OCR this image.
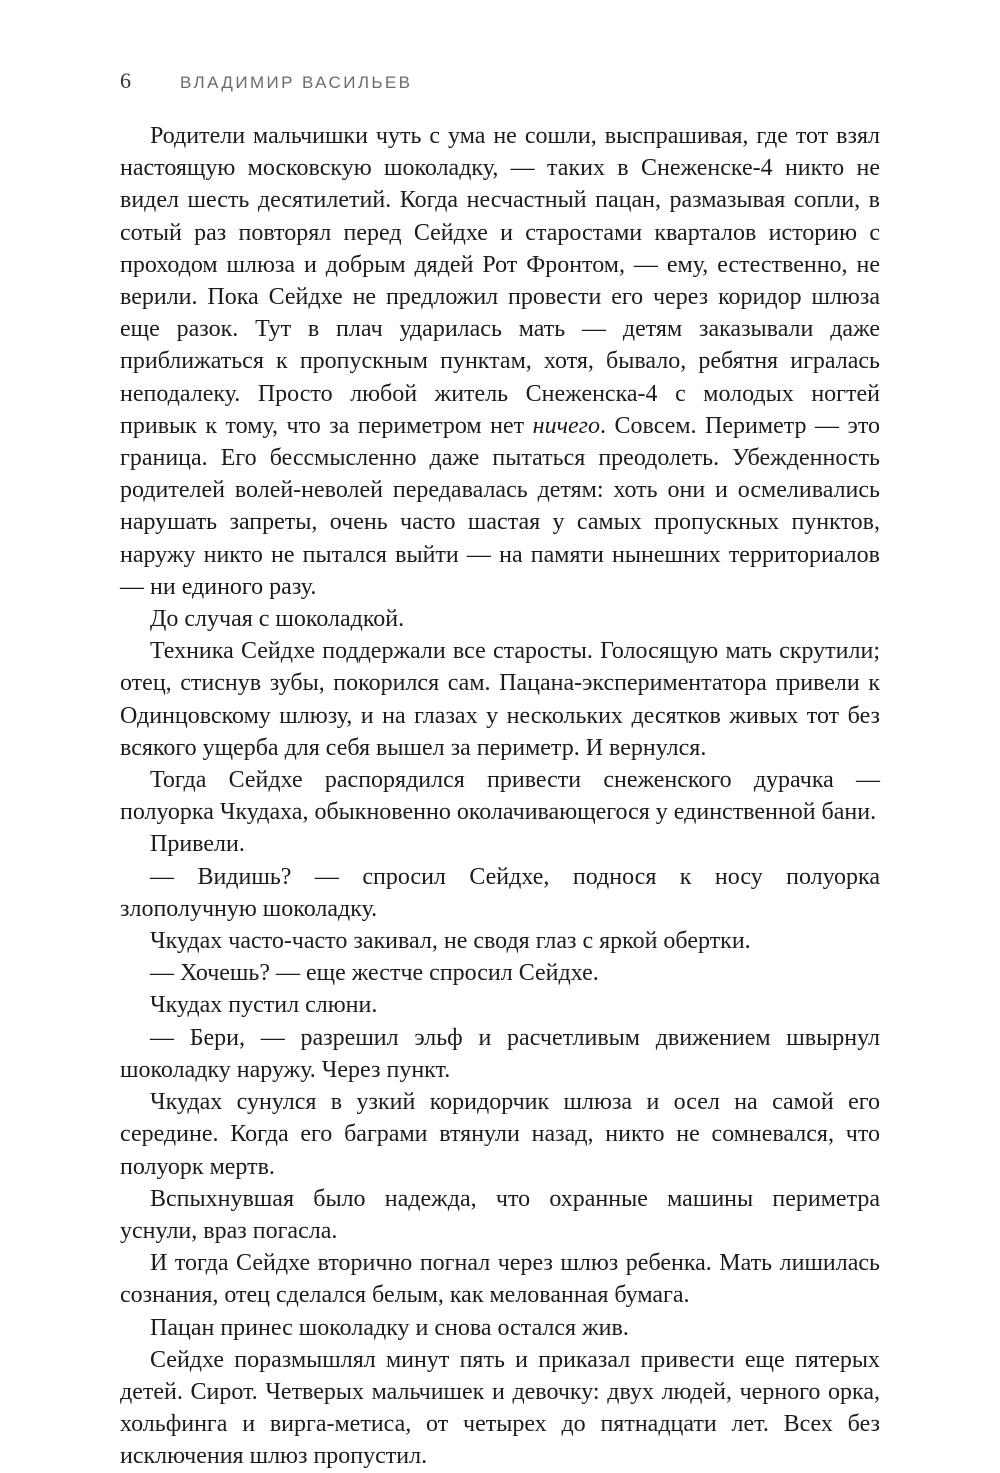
6	ВЛАДИМИР ВАСИЛЬЕВ

Родители мальчишки чуть с ума не сошли, выспрашивая, где тот взял настоящую московскую шоколадку, — таких в Снеженске-4 никто не видел шесть десятилетий. Когда несчастный пацан, размазывая сопли, в сотый раз повторял перед Сейдхе и старостами кварталов историю с проходом шлюза и добрым дядей Рот Фронтом, — ему, естественно, не верили. Пока Сейдхе не предложил провести его через коридор шлюза еще разок. Тут в плач ударилась мать — детям заказывали даже приближаться к пропускным пунктам, хотя, бывало, ребятня игралась неподалеку. Просто любой житель Снеженска-4 с молодых ногтей привык к тому, что за периметром нет ничего. Совсем. Периметр — это граница. Его бессмысленно даже пытаться преодолеть. Убежденность родителей волей-неволей передавалась детям: хоть они и осмеливались нарушать запреты, очень часто шастая у самых пропускных пунктов, наружу никто не пытался выйти — на памяти нынешних территориалов — ни единого разу.

До случая с шоколадкой.

Техника Сейдхе поддержали все старосты. Голосящую мать скрутили; отец, стиснув зубы, покорился сам. Пацана-экспериментатора привели к Одинцовскому шлюзу, и на глазах у нескольких десятков живых тот без всякого ущерба для себя вышел за периметр. И вернулся.

Тогда Сейдхе распорядился привести снеженского дурачка — полуорка Чкудаха, обыкновенно околачивающегося у единственной бани.

Привели.

— Видишь? — спросил Сейдхе, поднося к носу полуорка злополучную шоколадку.

Чкудах часто-часто закивал, не сводя глаз с яркой обертки.

— Хочешь? — еще жестче спросил Сейдхе.

Чкудах пустил слюни.

— Бери, — разрешил эльф и расчетливым движением швырнул шоколадку наружу. Через пункт.

Чкудах сунулся в узкий коридорчик шлюза и осел на самой его середине. Когда его баграми втянули назад, никто не сомневался, что полуорк мертв.

Вспыхнувшая было надежда, что охранные машины периметра уснули, враз погасла.

И тогда Сейдхе вторично погнал через шлюз ребенка. Мать лишилась сознания, отец сделался белым, как мелованная бумага.

Пацан принес шоколадку и снова остался жив.

Сейдхе поразмышлял минут пять и приказал привести еще пятерых детей. Сирот. Четверых мальчишек и девочку: двух людей, черного орка, хольфинга и вирга-метиса, от четырех до пятнадцати лет. Всех без исключения шлюз пропустил.
